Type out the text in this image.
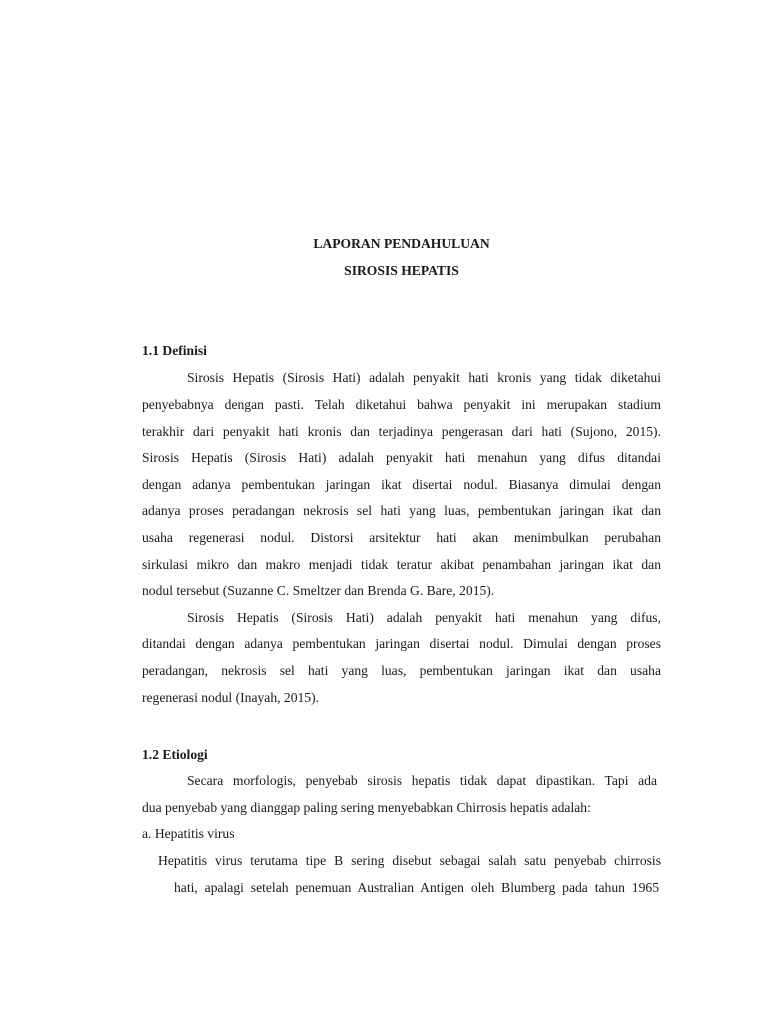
LAPORAN PENDAHULUAN
SIROSIS HEPATIS
1.1 Definisi
Sirosis Hepatis (Sirosis Hati) adalah penyakit hati kronis yang tidak diketahui
penyebabnya dengan pasti. Telah diketahui bahwa penyakit ini merupakan stadium
terakhir dari penyakit hati kronis dan terjadinya pengerasan dari hati (Sujono, 2015).
Sirosis Hepatis (Sirosis Hati) adalah penyakit hati menahun yang difus ditandai
dengan adanya pembentukan jaringan ikat disertai nodul. Biasanya dimulai dengan
adanya proses peradangan nekrosis sel hati yang luas, pembentukan jaringan ikat dan
usaha regenerasi nodul. Distorsi arsitektur hati akan menimbulkan perubahan
sirkulasi mikro dan makro menjadi tidak teratur akibat penambahan jaringan ikat dan
nodul tersebut (Suzanne C. Smeltzer dan Brenda G. Bare, 2015).
Sirosis Hepatis (Sirosis Hati) adalah penyakit hati menahun yang difus,
ditandai dengan adanya pembentukan jaringan disertai nodul. Dimulai dengan proses
peradangan, nekrosis sel hati yang luas, pembentukan jaringan ikat dan usaha
regenerasi nodul (Inayah, 2015).
1.2 Etiologi
Secara morfologis, penyebab sirosis hepatis tidak dapat dipastikan. Tapi ada
dua penyebab yang dianggap paling sering menyebabkan Chirrosis hepatis adalah:
a. Hepatitis virus
Hepatitis virus terutama tipe B sering disebut sebagai salah satu penyebab chirrosis
hati, apalagi setelah penemuan Australian Antigen oleh Blumberg pada tahun 1965
